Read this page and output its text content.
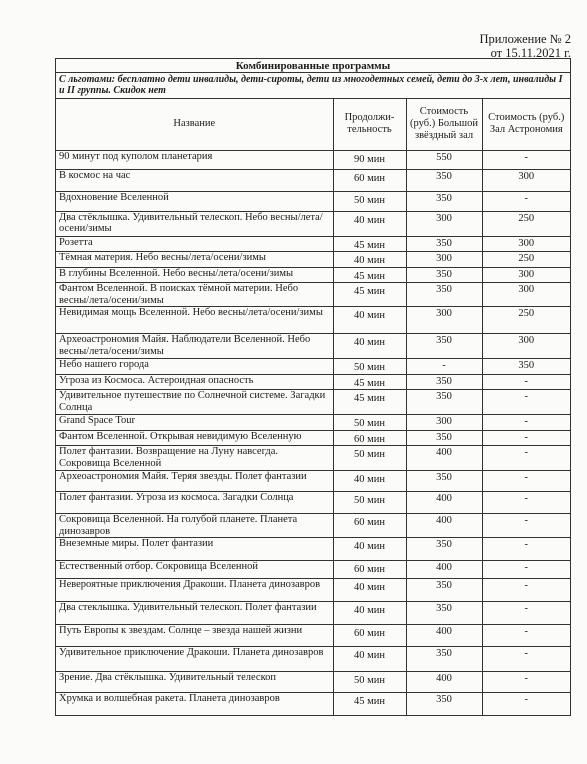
Приложение № 2
от 15.11.2021 г.
Комбинированные программы
С льготами: бесплатно дети инвалиды, дети-сироты, дети из многодетных семей, дети до 3-х лет, инвалиды I и II группы. Скидок нет
Название	Продолжи-тельность	Стоимость (руб.) Большой звёздный зал	Стоимость (руб.) Зал Астрономия
90 минут под куполом планетария	90 мин	550	-
В космос на час	60 мин	350	300
Вдохновение Вселенной	50 мин	350	-
Два стёклышка. Удивительный телескоп. Небо весны/лета/осени/зимы	40 мин	300	250
Розетта	45 мин	350	300
Тёмная материя. Небо весны/лета/осени/зимы	40 мин	300	250
В глубины Вселенной. Небо весны/лета/осени/зимы	45 мин	350	300
Фантом Вселенной. В поисках тёмной материи. Небо весны/лета/осени/зимы	45 мин	350	300
Невидимая мощь Вселенной. Небо весны/лета/осени/зимы	40 мин	300	250
Археоастрономия Майя. Наблюдатели Вселенной. Небо весны/лета/осени/зимы	40 мин	350	300
Небо нашего города	50 мин	-	350
Угроза из Космоса. Астероидная опасность	45 мин	350	-
Удивительное путешествие по Солнечной системе. Загадки Солнца	45 мин	350	-
Grand Space Tour	50 мин	300	-
Фантом Вселенной. Открывая невидимую Вселенную	60 мин	350	-
Полет фантазии. Возвращение на Луну навсегда. Сокровища Вселенной	50 мин	400	-
Археоастрономия Майя. Теряя звезды. Полет фантазии	40 мин	350	-
Полет фантазии. Угроза из космоса. Загадки Солнца	50 мин	400	-
Сокровища Вселенной. На голубой планете. Планета динозавров	60 мин	400	-
Внеземные миры. Полет фантазии	40 мин	350	-
Естественный отбор. Сокровища Вселенной	60 мин	400	-
Невероятные приключения Дракоши. Планета динозавров	40 мин	350	-
Два стеклышка. Удивительный телескоп. Полет фантазии	40 мин	350	-
Путь Европы к звездам. Солнце – звезда нашей жизни	60 мин	400	-
Удивительное приключение Дракоши. Планета динозавров	40 мин	350	-
Зрение. Два стёклышка. Удивительный телескоп	50 мин	400	-
Хрумка и волшебная ракета. Планета динозавров	45 мин	350	-
